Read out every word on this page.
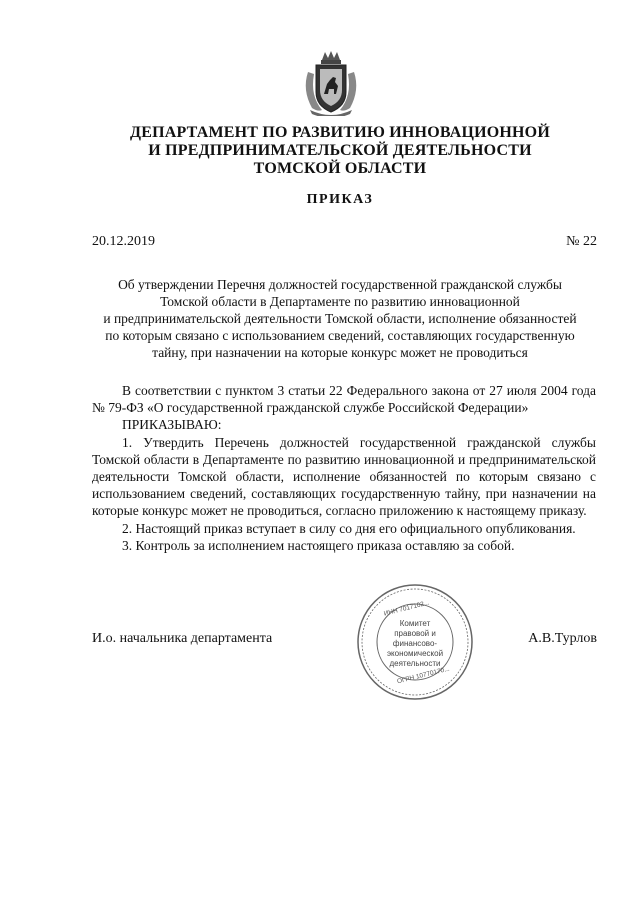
ДЕПАРТАМЕНТ ПО РАЗВИТИЮ ИННОВАЦИОННОЙ
И ПРЕДПРИНИМАТЕЛЬСКОЙ ДЕЯТЕЛЬНОСТИ
ТОМСКОЙ ОБЛАСТИ
ПРИКАЗ
20.12.2019	№ 22
Об утверждении Перечня должностей государственной гражданской службы
Томской области в Департаменте по развитию инновационной
и предпринимательской деятельности Томской области, исполнение обязанностей
по которым связано с использованием сведений, составляющих государственную
тайну, при назначении на которые конкурс может не проводиться

В соответствии с пунктом 3 статьи 22 Федерального закона от 27 июля 2004 года № 79-ФЗ «О государственной гражданской службе Российской Федерации»

ПРИКАЗЫВАЮ:

1. Утвердить Перечень должностей государственной гражданской службы Томской области в Департаменте по развитию инновационной и предпринимательской деятельности Томской области, исполнение обязанностей по которым связано с использованием сведений, составляющих государственную тайну, при назначении на которые конкурс может не проводиться, согласно приложению к настоящему приказу.

2. Настоящий приказ вступает в силу со дня его официального опубликования.

3. Контроль за исполнением настоящего приказа оставляю за собой.

И.о. начальника департамента	А.В.Турлов
ИНН 7017102...
Комитет
правовой и
финансово-
экономической
деятельности
ОГРН 10770170...
